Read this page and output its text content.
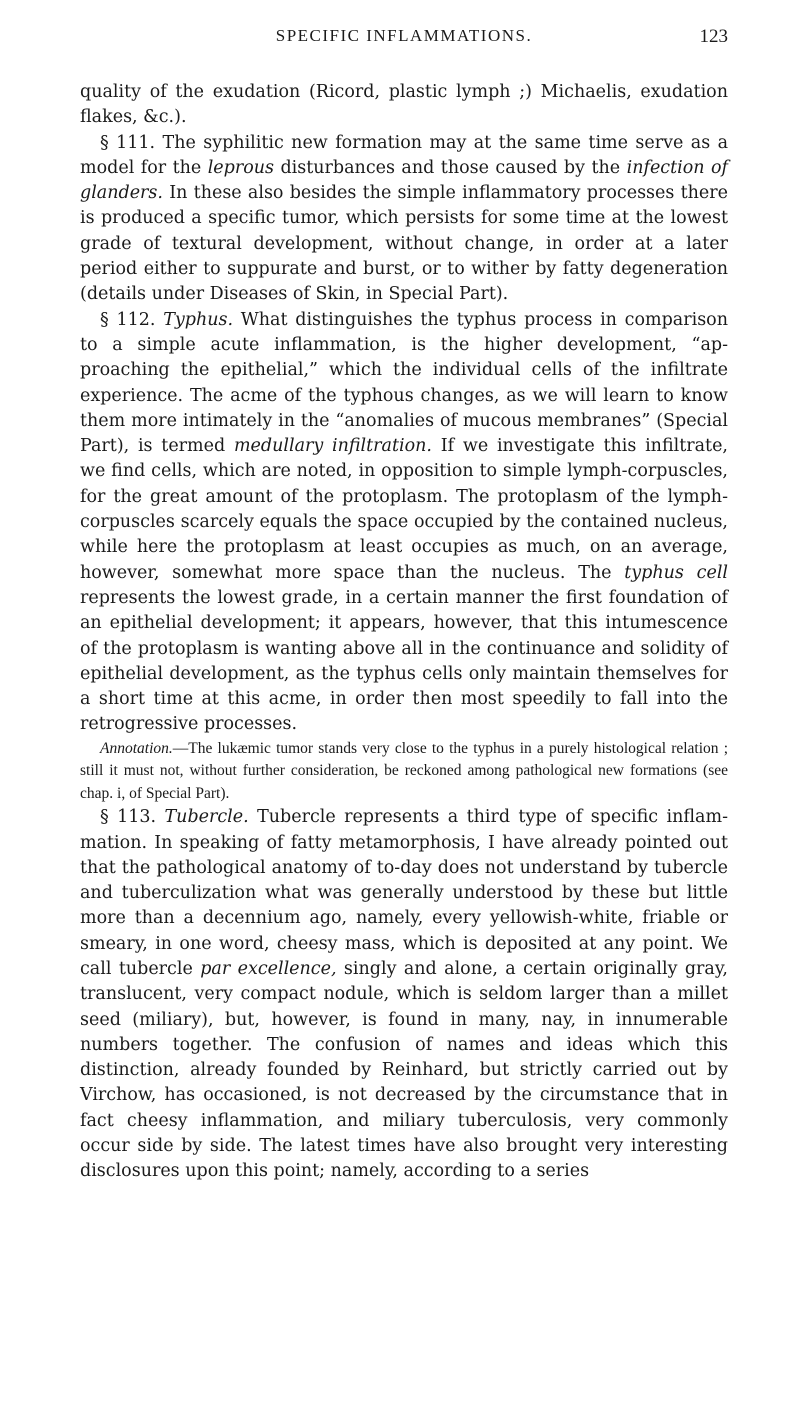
SPECIFIC INFLAMMATIONS.	123

quality of the exudation (Ricord, plastic lymph ;) Michaelis, exudation flakes, &c.).

§ 111. The syphilitic new formation may at the same time serve as a model for the leprous disturbances and those caused by the infection of glanders. In these also besides the simple inflammatory processes there is produced a specific tumor, which persists for some time at the lowest grade of textural development, without change, in order at a later period either to suppurate and burst, or to wither by fatty degeneration (details under Diseases of Skin, in Special Part).

§ 112. Typhus. What distinguishes the typhus process in comparison to a simple acute inflammation, is the higher development, “approaching the epithelial,” which the individual cells of the infiltrate experience. The acme of the typhous changes, as we will learn to know them more intimately in the “anomalies of mucous membranes” (Special Part), is termed medullary infiltration. If we investigate this infiltrate, we find cells, which are noted, in opposition to simple lymph-corpuscles, for the great amount of the protoplasm. The protoplasm of the lymph-corpuscles scarcely equals the space occupied by the contained nucleus, while here the protoplasm at least occupies as much, on an average, however, somewhat more space than the nucleus. The typhus cell represents the lowest grade, in a certain manner the first foundation of an epithelial development; it appears, however, that this intumescence of the protoplasm is wanting above all in the continuance and solidity of epithelial development, as the typhus cells only maintain themselves for a short time at this acme, in order then most speedily to fall into the retrogressive processes.

Annotation.—The lukæmic tumor stands very close to the typhus in a purely histological relation ; still it must not, without further consideration, be reckoned among pathological new formations (see chap. i, of Special Part).

§ 113. Tubercle. Tubercle represents a third type of specific inflammation. In speaking of fatty metamorphosis, I have already pointed out that the pathological anatomy of to-day does not understand by tubercle and tuberculization what was generally understood by these but little more than a decennium ago, namely, every yellowish-white, friable or smeary, in one word, cheesy mass, which is deposited at any point. We call tubercle par excellence, singly and alone, a certain originally gray, translucent, very compact nodule, which is seldom larger than a millet seed (miliary), but, however, is found in many, nay, in innumerable numbers together. The confusion of names and ideas which this distinction, already founded by Reinhard, but strictly carried out by Virchow, has occasioned, is not decreased by the circumstance that in fact cheesy inflammation, and miliary tuberculosis, very commonly occur side by side. The latest times have also brought very interesting disclosures upon this point; namely, according to a series
